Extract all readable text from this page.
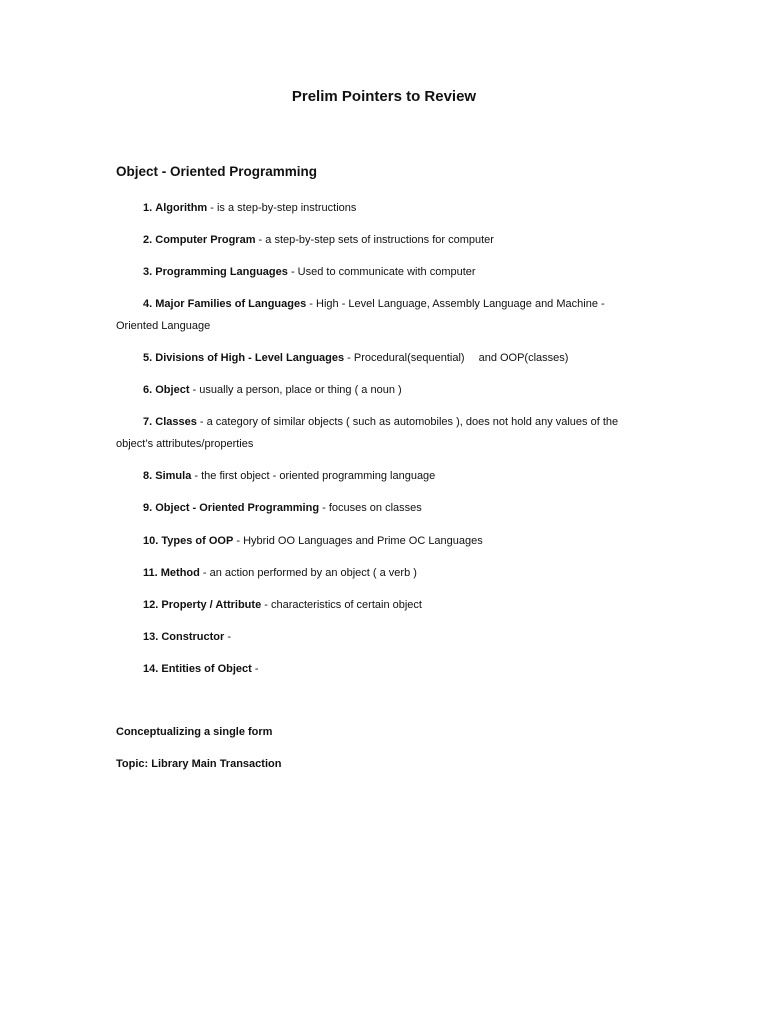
Prelim Pointers to Review
Object - Oriented Programming
1. Algorithm - is a step-by-step instructions
2. Computer Program - a step-by-step sets of instructions for computer
3. Programming Languages - Used to communicate with computer
4. Major Families of Languages - High - Level Language, Assembly Language and Machine -
Oriented Language
5. Divisions of High - Level Languages - Procedural(sequential) and OOP(classes)
6. Object - usually a person, place or thing ( a noun )
7. Classes - a category of similar objects ( such as automobiles ), does not hold any values of the
object’s attributes/properties
8. Simula - the first object - oriented programming language
9. Object - Oriented Programming - focuses on classes
10. Types of OOP - Hybrid OO Languages and Prime OC Languages
11. Method - an action performed by an object ( a verb )
12. Property / Attribute - characteristics of certain object
13. Constructor -
14. Entities of Object -
Conceptualizing a single form
Topic: Library Main Transaction
